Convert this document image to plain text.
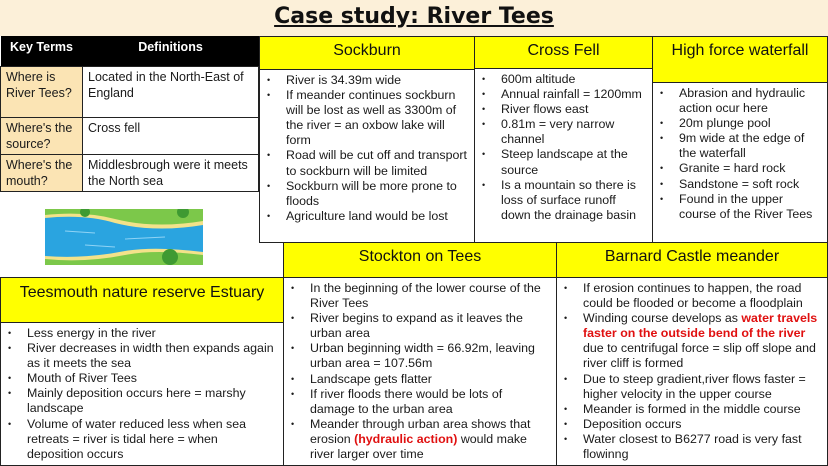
Case study: River Tees
Key Terms	Definitions
Where is River Tees?	Located in the North-East of England
Where's the source?	Cross fell
Where's the mouth?	Middlesbrough were it meets the North sea
Sockburn
• River is 34.39m wide
• If meander continues sockburn will be lost as well as 3300m of the river = an oxbow lake will form
• Road will be cut off and transport to sockburn will be limited
• Sockburn will be more prone to floods
• Agriculture land would be lost
Cross Fell
• 600m altitude
• Annual rainfall = 1200mm
• River flows east
• 0.81m = very narrow channel
• Steep landscape at the source
• Is a mountain so there is loss of surface runoff down the drainage basin
High force waterfall
• Abrasion and hydraulic action ocur here
• 20m plunge pool
• 9m wide at the edge of the waterfall
• Granite = hard rock
• Sandstone = soft rock
• Found in the upper course of the River Tees
Stockton on Tees
• In the beginning of the lower course of the River Tees
• River begins to expand as it leaves the urban area
• Urban beginning width = 66.92m, leaving urban area = 107.56m
• Landscape gets flatter
• If river floods there would be lots of damage to the urban area
• Meander through urban area shows that erosion (hydraulic action) would make river larger over time
Barnard Castle meander
• If erosion continues to happen, the road could be flooded or become a floodplain
• Winding course develops as water travels faster on the outside bend of the river due to centrifugal force = slip off slope and river cliff is formed
• Due to steep gradient,river flows faster = higher velocity in the upper course
• Meander is formed in the middle course
• Deposition occurs
• Water closest to B6277 road is very fast flowinng
Teesmouth nature reserve Estuary
• Less energy in the river
• River decreases in width then expands again as it meets the sea
• Mouth of River Tees
• Mainly deposition occurs here = marshy landscape
• Volume of water reduced less when sea retreats = river is tidal here = when deposition occurs
